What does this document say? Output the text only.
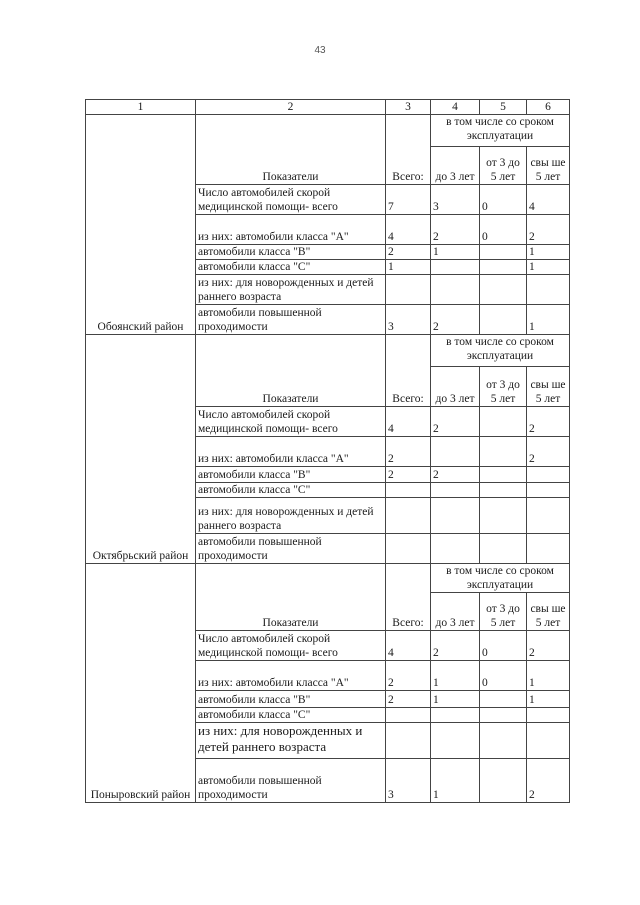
43
1	2	3	4	5	6
Обоянский район	Показатели	Всего:	в том числе со сроком эксплуатации		
			до 3 лет	от 3 до 5 лет	свы ше 5 лет
	Число автомобилей скорой медицинской помощи- всего	7	3	0	4
	из них: автомобили класса "А"	4	2	0	2
	автомобили класса "В"	2	1		1
	автомобили класса "С"	1			1
	из них: для новорожденных и детей раннего возраста				
	автомобили повышенной проходимости	3	2		1
Октябрьский район	Показатели	Всего:	в том числе со сроком эксплуатации		
			до 3 лет	от 3 до 5 лет	свы ше 5 лет
	Число автомобилей скорой медицинской помощи- всего	4	2		2
	из них: автомобили класса "А"	2			2
	автомобили класса "В"	2	2		
	автомобили класса "С"				
	из них: для новорожденных и детей раннего возраста				
	автомобили повышенной проходимости				
Поныровский район	Показатели	Всего:	в том числе со сроком эксплуатации		
			до 3 лет	от 3 до 5 лет	свы ше 5 лет
	Число автомобилей скорой медицинской помощи- всего	4	2	0	2
	из них: автомобили класса "А"	2	1	0	1
	автомобили класса "В"	2	1		1
	автомобили класса "С"				
	из них: для новорожденных и детей раннего возраста				
	автомобили повышенной проходимости	3	1		2
